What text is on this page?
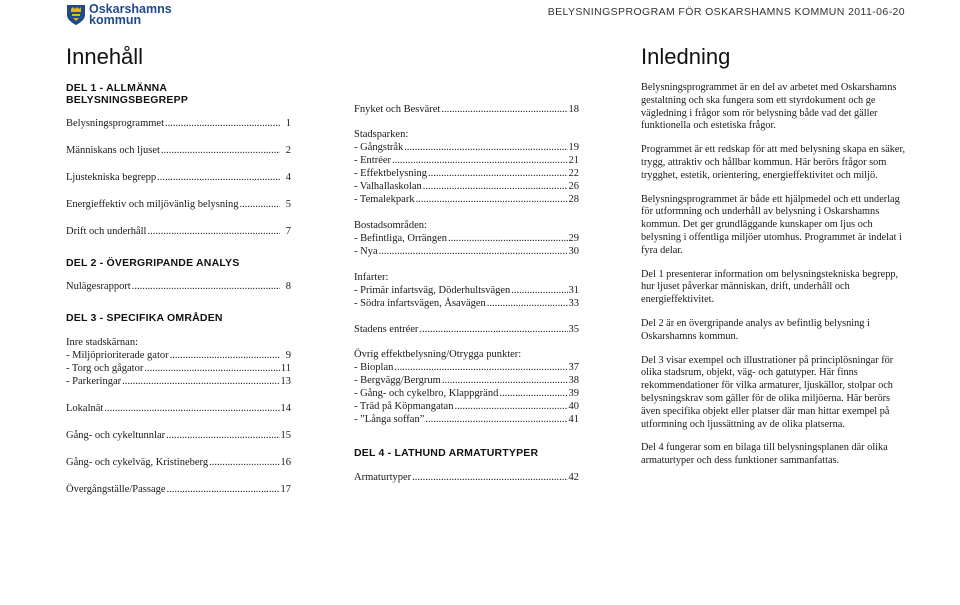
Oskarshamns
kommun
BELYSNINGSPROGRAM FÖR OSKARSHAMNS KOMMUN 2011-06-20
Innehåll
DEL 1 - ALLMÄNNA BELYSNINGSBEGREPP
Belysningsprogrammet .....	1
Människans och ljuset .....	2
Ljustekniska begrepp .....	4
Energieffektiv och miljövänlig belysning .....	5
Drift och underhåll .....	7
DEL 2 - ÖVERGRIPANDE ANALYS
Nulägesrapport .....	8
DEL 3 - SPECIFIKA OMRÅDEN
Inre stadskärnan:
- Miljöprioriterade gator .....	9
- Torg och gågator .....	11
- Parkeringar .....	13
Lokalnät .....	14
Gång- och cykeltunnlar .....	15
Gång- och cykelväg, Kristineberg .....	16
Övergångställe/Passage .....	17
Fnyket och Besväret .....	18
Stadsparken:
- Gångstråk .....	19
- Entréer .....	21
- Effektbelysning .....	22
- Valhallaskolan .....	26
- Temalekpark .....	28
Bostadsområden:
- Befintliga, Orrängen .....	29
- Nya .....	30
Infarter:
- Primär infartsväg, Döderhultsvägen .....	31
- Södra infartsvägen, Åsavägen .....	33
Stadens entréer .....	35
Övrig effektbelysning/Otrygga punkter:
- Bioplan .....	37
- Bergvägg/Bergrum .....	38
- Gång- och cykelbro, Klappgränd .....	39
- Träd på Köpmangatan .....	40
- ”Långa soffan” .....	41
DEL 4 - LATHUND ARMATURTYPER
Armaturtyper .....	42
Inledning

Belysningsprogrammet är en del av arbetet med Oskarshamns gestaltning och ska fungera som ett styrdokument och ge vägledning i frågor som rör belysning både vad det gäller funktionella och estetiska frågor.

Programmet är ett redskap för att med belysning skapa en säker, trygg, attraktiv och hållbar kommun. Här berörs frågor som trygghet, estetik, orientering, energieffektivitet och miljö.

Belysningsprogrammet är både ett hjälpmedel och ett underlag för utformning och underhåll av belysning i Oskarshamns kommun. Det ger grundläggande kunskaper om ljus och belysning i offentliga miljöer utomhus. Programmet är indelat i fyra delar.

Del 1 presenterar information om belysningstekniska begrepp, hur ljuset påverkar människan, drift, underhåll och energieffektivitet.

Del 2 är en övergripande analys av befintlig belysning i Oskarshamns kommun.

Del 3 visar exempel och illustrationer på principlösningar för olika stadsrum, objekt, väg- och gatutyper. Här finns rekommendationer för vilka armaturer, ljuskällor, stolpar och belysningskrav som gäller för de olika miljöerna. Här berörs även specifika objekt eller platser där man hittar exempel på utformning och ljussättning av de olika platserna.

Del 4 fungerar som en bilaga till belysningsplanen där olika armaturtyper och dess funktioner sammanfattas.
